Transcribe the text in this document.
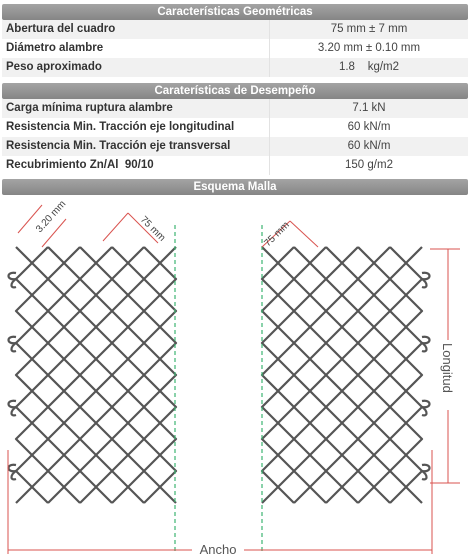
Características Geométricas
Abertura del cuadro	75 mm ± 7 mm
Diámetro alambre	3.20 mm ± 0.10 mm
Peso aproximado	1.8    kg/m2
Caraterísticas de Desempeño
Carga mínima ruptura alambre	7.1 kN
Resistencia Min. Tracción eje longitudinal	60 kN/m
Resistencia Min. Tracción eje transversal	60 kN/m
Recubrimiento Zn/Al  90/10	150 g/m2
Esquema Malla
3.20 mm	75 mm	75 mm
Longitud
Ancho
